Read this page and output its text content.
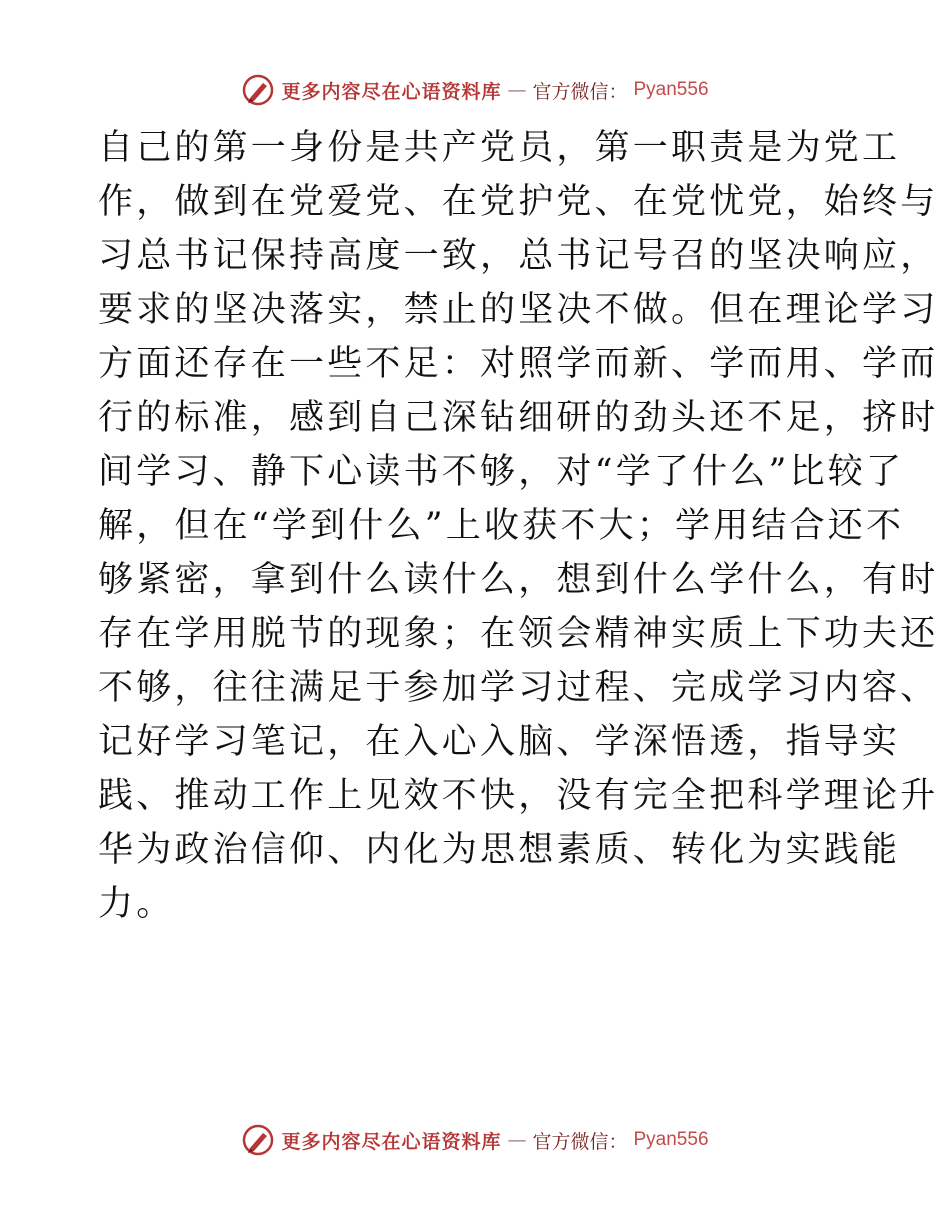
更多内容尽在心语资料库 — 官方微信： Pyan556
自己的第一身份是共产党员，第一职责是为党工
作，做到在党爱党、在党护党、在党忧党，始终与
习总书记保持高度一致，总书记号召的坚决响应，
要求的坚决落实，禁止的坚决不做。但在理论学习
方面还存在一些不足：对照学而新、学而用、学而
行的标准，感到自己深钻细研的劲头还不足，挤时
间学习、静下心读书不够，对“学了什么”比较了
解，但在“学到什么”上收获不大；学用结合还不
够紧密，拿到什么读什么，想到什么学什么，有时
存在学用脱节的现象；在领会精神实质上下功夫还
不够，往往满足于参加学习过程、完成学习内容、
记好学习笔记，在入心入脑、学深悟透，指导实
践、推动工作上见效不快，没有完全把科学理论升
华为政治信仰、内化为思想素质、转化为实践能
力。
更多内容尽在心语资料库 — 官方微信： Pyan556
